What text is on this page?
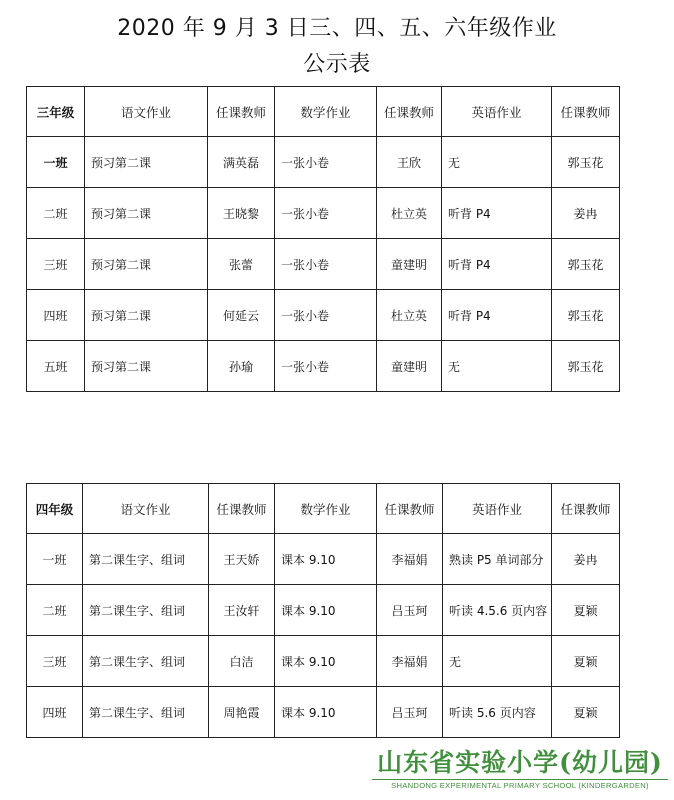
2020 年 9 月 3 日三、四、五、六年级作业
公示表
三年级	语文作业	任课教师	数学作业	任课教师	英语作业	任课教师
一班	预习第二课	满英磊	一张小卷	王欣	无	郭玉花
二班	预习第二课	王晓黎	一张小卷	杜立英	听背 P4	姜冉
三班	预习第二课	张蕾	一张小卷	童建明	听背 P4	郭玉花
四班	预习第二课	何延云	一张小卷	杜立英	听背 P4	郭玉花
五班	预习第二课	孙瑜	一张小卷	童建明	无	郭玉花
四年级	语文作业	任课教师	数学作业	任课教师	英语作业	任课教师
一班	第二课生字、组词	王天娇	课本 9.10	李福娟	熟读 P5 单词部分	姜冉
二班	第二课生字、组词	王汝轩	课本 9.10	吕玉珂	听读 4.5.6 页内容	夏颖
三班	第二课生字、组词	白洁	课本 9.10	李福娟	无	夏颖
四班	第二课生字、组词	周艳霞	课本 9.10	吕玉珂	听读 5.6 页内容	夏颖
山东省实验小学(幼儿园)
SHANDONG EXPERIMENTAL PRIMARY SCHOOL (KINDERGARDEN)
